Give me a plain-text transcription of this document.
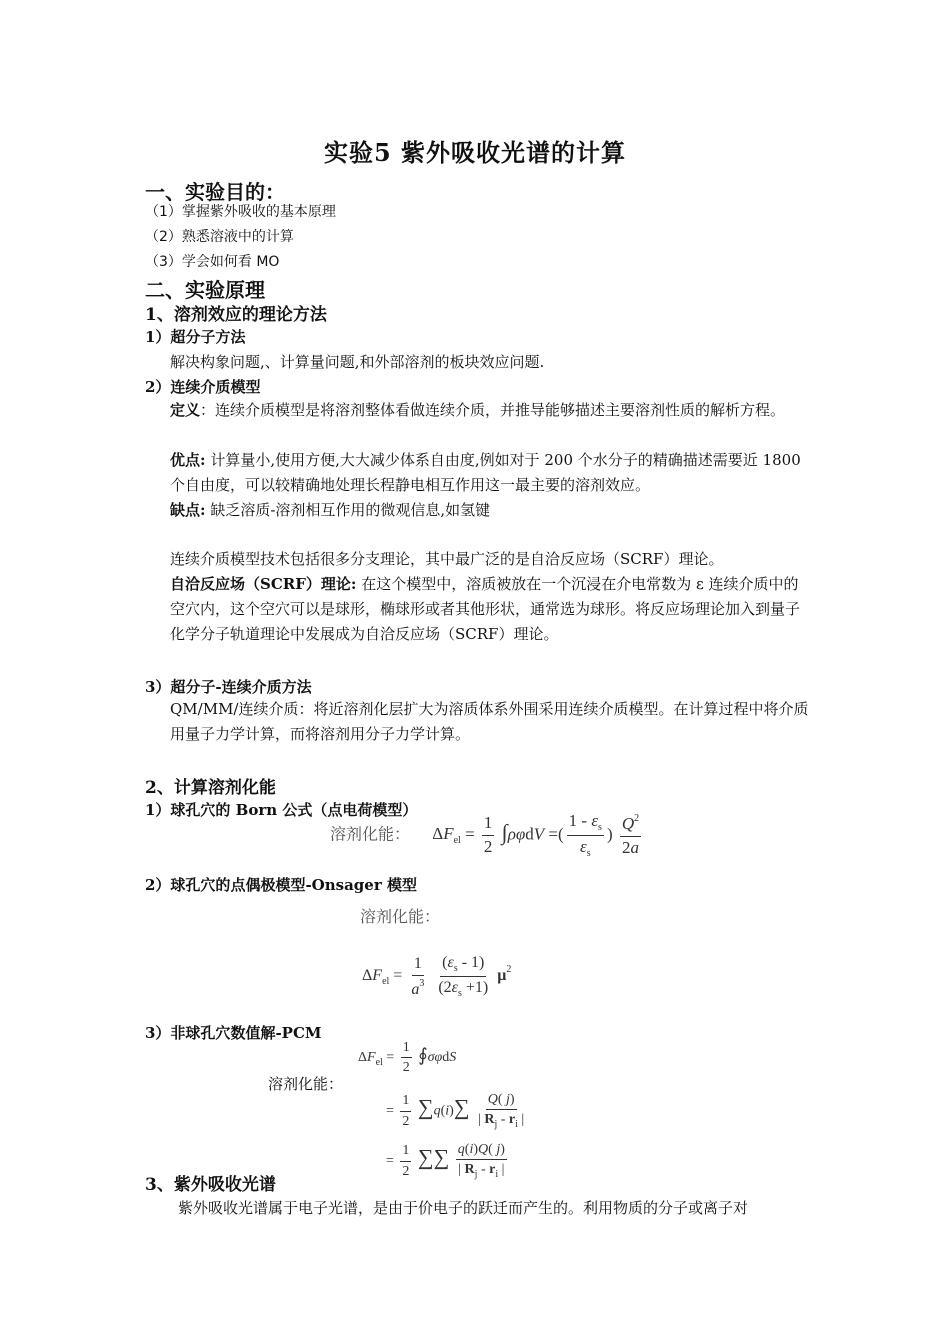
实验5 紫外吸收光谱的计算
一、实验目的：
（1）掌握紫外吸收的基本原理
（2）熟悉溶液中的计算
（3）学会如何看 MO
二、实验原理
1、溶剂效应的理论方法
1）超分子方法
解决构象问题,、计算量问题,和外部溶剂的板块效应问题.
2）连续介质模型
定义：连续介质模型是将溶剂整体看做连续介质，并推导能够描述主要溶剂性质的解析方程。
优点: 计算量小,使用方便,大大减少体系自由度,例如对于 200 个水分子的精确描述需要近 1800 个自由度，可以较精确地处理长程静电相互作用这一最主要的溶剂效应。
缺点: 缺乏溶质-溶剂相互作用的微观信息,如氢键
连续介质模型技术包括很多分支理论，其中最广泛的是自洽反应场（SCRF）理论。
自洽反应场（SCRF）理论: 在这个模型中，溶质被放在一个沉浸在介电常数为 ε 连续介质中的空穴内，这个空穴可以是球形，椭球形或者其他形状，通常选为球形。将反应场理论加入到量子化学分子轨道理论中发展成为自洽反应场（SCRF）理论。
3）超分子-连续介质方法
QM/MM/连续介质：将近溶剂化层扩大为溶质体系外围采用连续介质模型。在计算过程中将介质用量子力学计算，而将溶剂用分子力学计算。
2、计算溶剂化能
1）球孔穴的 Born 公式（点电荷模型）
溶剂化能： $\Delta F_{el} = \frac{1}{2} \int\rho\varphi dV$ =( $\frac{1 - \varepsilon_s}{\varepsilon_s}$ ) $\frac{Q^2}{2a}$
2）球孔穴的点偶极模型-Onsager 模型
溶剂化能：
$\Delta F_{el} = \frac{1}{a^3}$
$\frac{(\varepsilon_s - 1)}{(2\varepsilon_s +1)} \mu^2$
3）非球孔穴数值解-PCM
溶剂化能：
$\Delta F_{el} = \frac{1}{2}$ ∮σφdS
= $\frac{1}{2} \sum q(i)\sum \frac{Q( j)}{| R_j - r_i |}$
= $\frac{1}{2}$ ∑∑ $\frac{q(i)Q( j)}{| R_j - r_i |}$
3、紫外吸收光谱
紫外吸收光谱属于电子光谱，是由于价电子的跃迁而产生的。利用物质的分子或离子对
